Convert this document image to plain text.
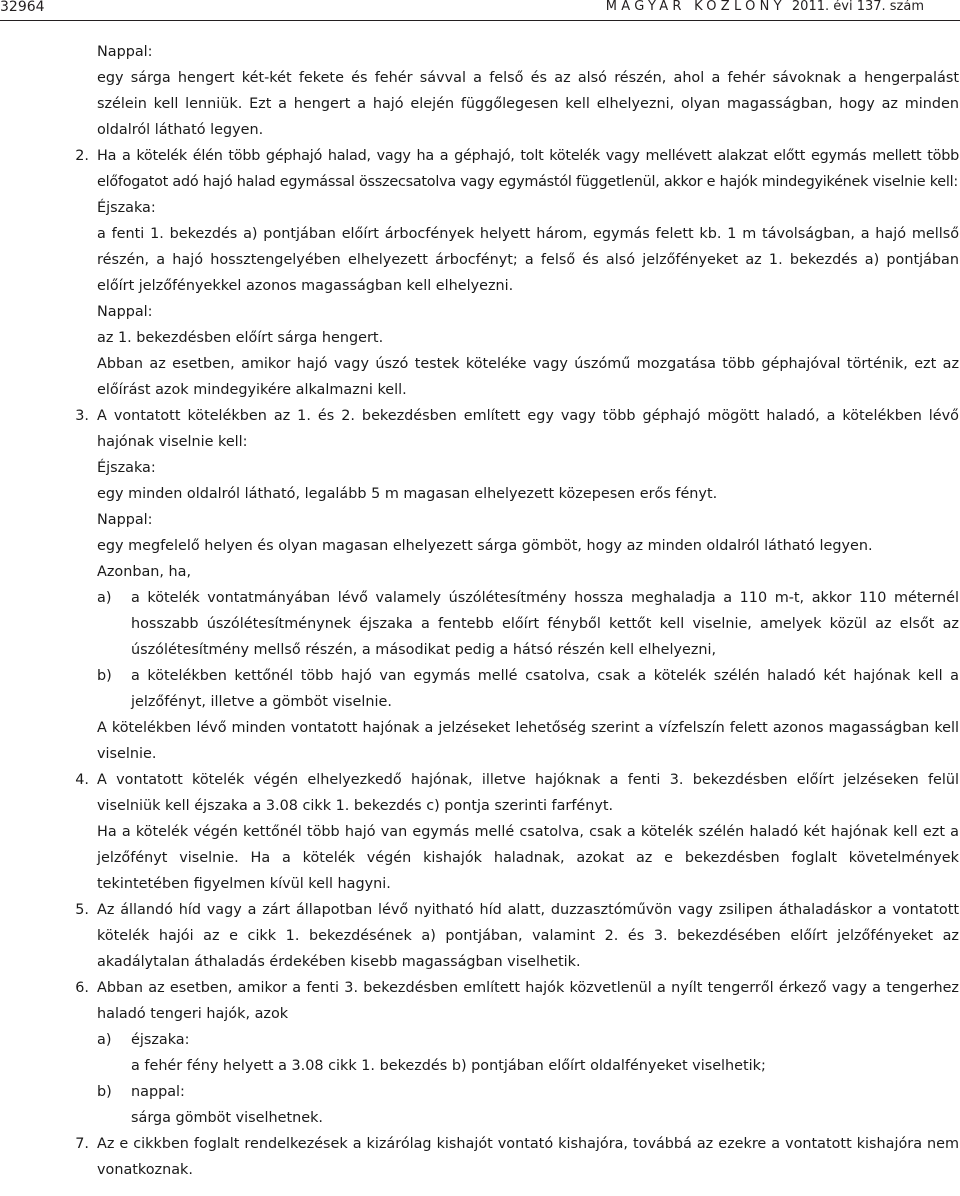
32964	MAGYAR KÖZLÖNY 2011. évi 137. szám
Nappal:
egy sárga hengert két-két fekete és fehér sávval a felső és az alsó részén, ahol a fehér sávoknak a hengerpalást szélein kell lenniük. Ezt a hengert a hajó elején függőlegesen kell elhelyezni, olyan magasságban, hogy az minden oldalról látható legyen.
2. Ha a kötelék élén több géphajó halad, vagy ha a géphajó, tolt kötelék vagy mellévett alakzat előtt egymás mellett több előfogatot adó hajó halad egymással összecsatolva vagy egymástól függetlenül, akkor e hajók mindegyikének viselnie kell:
Éjszaka:
a fenti 1. bekezdés a) pontjában előírt árbocfények helyett három, egymás felett kb. 1 m távolságban, a hajó mellső részén, a hajó hossztengelyében elhelyezett árbocfényt; a felső és alsó jelzőfényeket az 1. bekezdés a) pontjában előírt jelzőfényekkel azonos magasságban kell elhelyezni.
Nappal:
az 1. bekezdésben előírt sárga hengert.
Abban az esetben, amikor hajó vagy úszó testek köteléke vagy úszómű mozgatása több géphajóval történik, ezt az előírást azok mindegyikére alkalmazni kell.
3. A vontatott kötelékben az 1. és 2. bekezdésben említett egy vagy több géphajó mögött haladó, a kötelékben lévő hajónak viselnie kell:
Éjszaka:
egy minden oldalról látható, legalább 5 m magasan elhelyezett közepesen erős fényt.
Nappal:
egy megfelelő helyen és olyan magasan elhelyezett sárga gömböt, hogy az minden oldalról látható legyen.
Azonban, ha,
a)	a kötelék vontatmányában lévő valamely úszólétesítmény hossza meghaladja a 110 m-t, akkor 110 méternél hosszabb úszólétesítménynek éjszaka a fentebb előírt fényből kettőt kell viselnie, amelyek közül az elsőt az úszólétesítmény mellső részén, a másodikat pedig a hátsó részén kell elhelyezni,
b)	a kötelékben kettőnél több hajó van egymás mellé csatolva, csak a kötelék szélén haladó két hajónak kell a jelzőfényt, illetve a gömböt viselnie.
A kötelékben lévő minden vontatott hajónak a jelzéseket lehetőség szerint a vízfelszín felett azonos magasságban kell viselnie.
4. A vontatott kötelék végén elhelyezkedő hajónak, illetve hajóknak a fenti 3. bekezdésben előírt jelzéseken felül viselniük kell éjszaka a 3.08 cikk 1. bekezdés c) pontja szerinti farfényt.
Ha a kötelék végén kettőnél több hajó van egymás mellé csatolva, csak a kötelék szélén haladó két hajónak kell ezt a jelzőfényt viselnie. Ha a kötelék végén kishajók haladnak, azokat az e bekezdésben foglalt követelmények tekintetében figyelmen kívül kell hagyni.
5. Az állandó híd vagy a zárt állapotban lévő nyitható híd alatt, duzzasztóművön vagy zsilipen áthaladáskor a vontatott kötelék hajói az e cikk 1. bekezdésének a) pontjában, valamint 2. és 3. bekezdésében előírt jelzőfényeket az akadálytalan áthaladás érdekében kisebb magasságban viselhetik.
6. Abban az esetben, amikor a fenti 3. bekezdésben említett hajók közvetlenül a nyílt tengerről érkező vagy a tengerhez haladó tengeri hajók, azok
a)	éjszaka:
a fehér fény helyett a 3.08 cikk 1. bekezdés b) pontjában előírt oldalfényeket viselhetik;
b)	nappal:
sárga gömböt viselhetnek.
7. Az e cikkben foglalt rendelkezések a kizárólag kishajót vontató kishajóra, továbbá az ezekre a vontatott kishajóra nem vonatkoznak.
